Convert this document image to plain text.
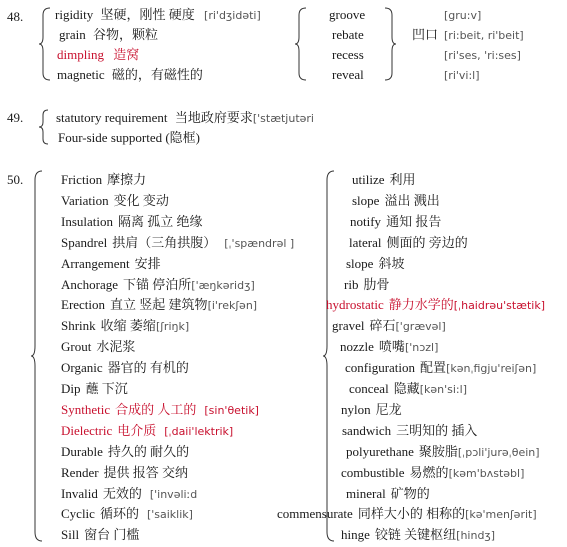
48. rigidity 坚硬，刚性 硬度 [ri'dʒidəti]
grain 谷物，颗粒
dimpling 造窝
magnetic 磁的，有磁性的
groove
rebate
recess
reveal
凹口
[gru:v]
[ri:beit, ri'beit]
[ri'ses, 'ri:ses]
[ri'vi:l]
49.	statutory requirement 当地政府要求['stætjutəri
Four-side supported (隐框)
50.	Friction 摩擦力
Variation 变化 变动
Insulation 隔离 孤立 绝缘
Spandrel 拱肩（三角拱腹） [ˌ'spændrəl ]
Arrangement 安排
Anchorage 下锚 停泊所['æŋkəridʒ]
Erection 直立 竖起 建筑物[i'rekʃən]
Shrink 收缩 萎缩[ʃriŋk]
Grout 水泥浆
Organic 器官的 有机的
Dip 蘸 下沉
Synthetic 合成的 人工的 [sin'θetik]
Dielectric 电介质 [ˌdaii'lektrik]
Durable 持久的 耐久的
Render 提供 报答 交纳
Invalid 无效的 ['invəliːd
Cyclic 循环的 ['saiklik]
Sill 窗台 门槛
utilize 利用
slope 溢出 溅出
notify 通知 报告
lateral 侧面的 旁边的
slope 斜坡
rib 肋骨
hydrostatic 静力水学的[ˌhaidrəu'stætik]
gravel 碎石['grævəl]
nozzle 喷嘴['nɔzl]
configuration 配置[kənˌfigju'reiʃən]
conceal 隐藏[kən'si:l]
nylon 尼龙
sandwich 三明知的 插入
polyurethane 聚胺脂[ˌpɔli'jurəˌθein]
combustible 易燃的[kəm'bʌstəbl]
mineral 矿物的
commensurate 同样大小的 相称的[kə'menʃərit]
hinge 铰链 关键枢纽[hindʒ]
